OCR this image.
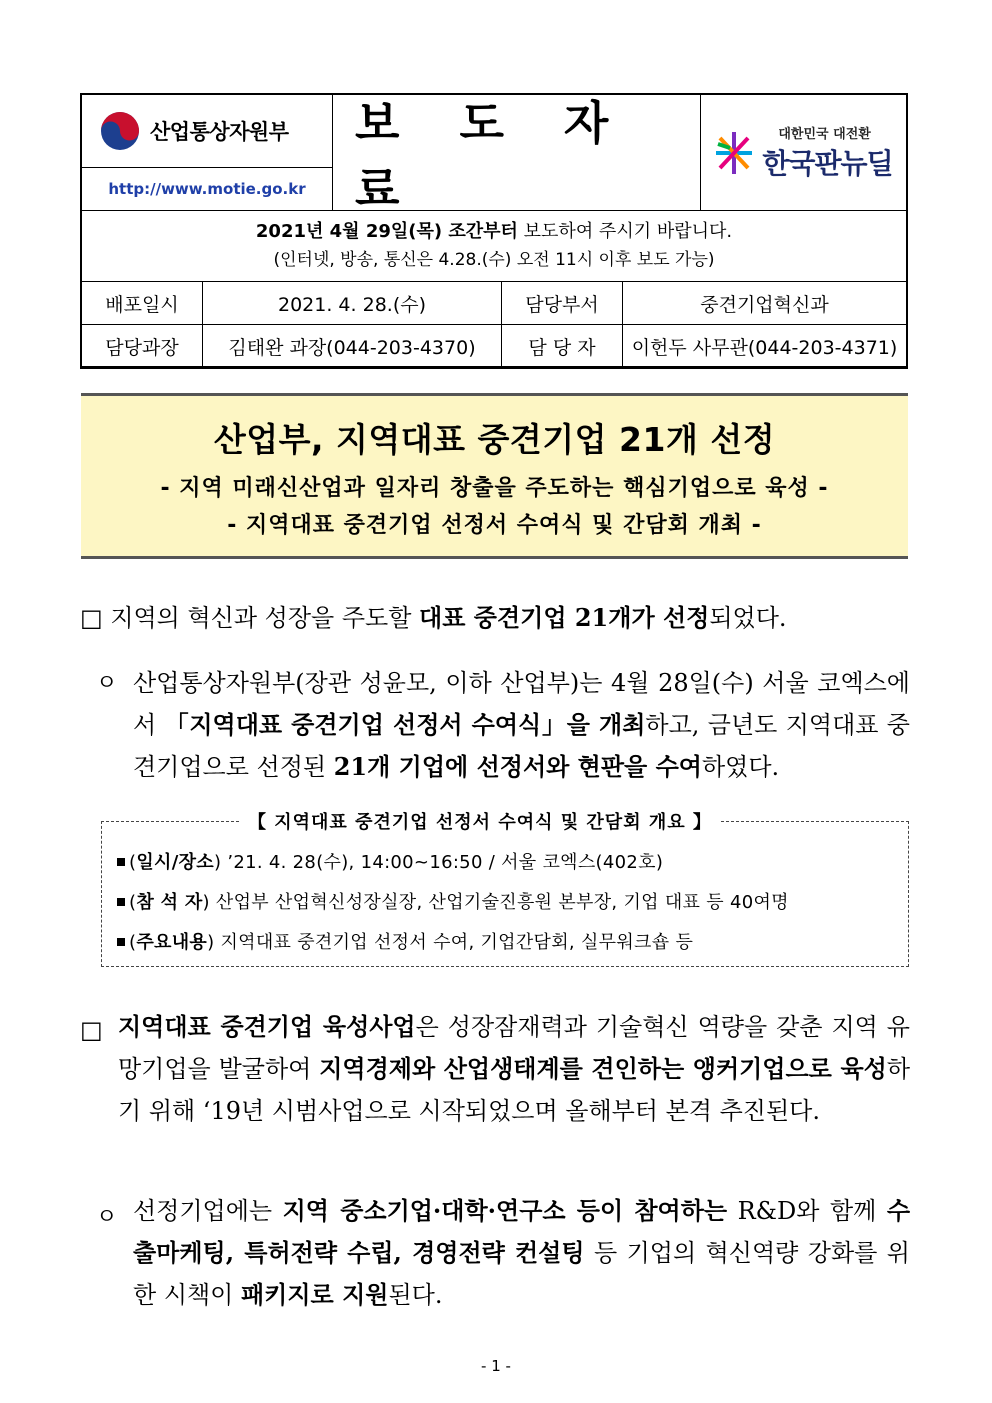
산업통상자원부
http://www.motie.go.kr
보 도 자 료
대한민국 대전환
한국판뉴딜
2021년 4월 29일(목) 조간부터 보도하여 주시기 바랍니다.
(인터넷, 방송, 통신은 4.28.(수) 오전 11시 이후 보도 가능)
배포일시	2021. 4. 28.(수)	담당부서	중견기업혁신과
담당과장	김태완 과장(044-203-4370)	담 당 자	이헌두 사무관(044-203-4371)
산업부, 지역대표 중견기업 21개 선정
- 지역 미래신산업과 일자리 창출을 주도하는 핵심기업으로 육성 -
- 지역대표 중견기업 선정서 수여식 및 간담회 개최 -
□ 지역의 혁신과 성장을 주도할 대표 중견기업 21개가 선정되었다.
ㅇ 산업통상자원부(장관 성윤모, 이하 산업부)는 4월 28일(수) 서울 코엑스에서 「지역대표 중견기업 선정서 수여식」을 개최하고, 금년도 지역대표 중견기업으로 선정된 21개 기업에 선정서와 현판을 수여하였다.
【 지역대표 중견기업 선정서 수여식 및 간담회 개요 】
(일시/장소) ’21. 4. 28(수), 14:00~16:50 / 서울 코엑스(402호)
(참 석 자) 산업부 산업혁신성장실장, 산업기술진흥원 본부장, 기업 대표 등 40여명
(주요내용) 지역대표 중견기업 선정서 수여, 기업간담회, 실무워크숍 등
□ 지역대표 중견기업 육성사업은 성장잠재력과 기술혁신 역량을 갖춘 지역 유망기업을 발굴하여 지역경제와 산업생태계를 견인하는 앵커기업으로 육성하기 위해 ‘19년 시범사업으로 시작되었으며 올해부터 본격 추진된다.
ㅇ 선정기업에는 지역 중소기업·대학·연구소 등이 참여하는 R&D와 함께 수출마케팅, 특허전략 수립, 경영전략 컨설팅 등 기업의 혁신역량 강화를 위한 시책이 패키지로 지원된다.
- 1 -
